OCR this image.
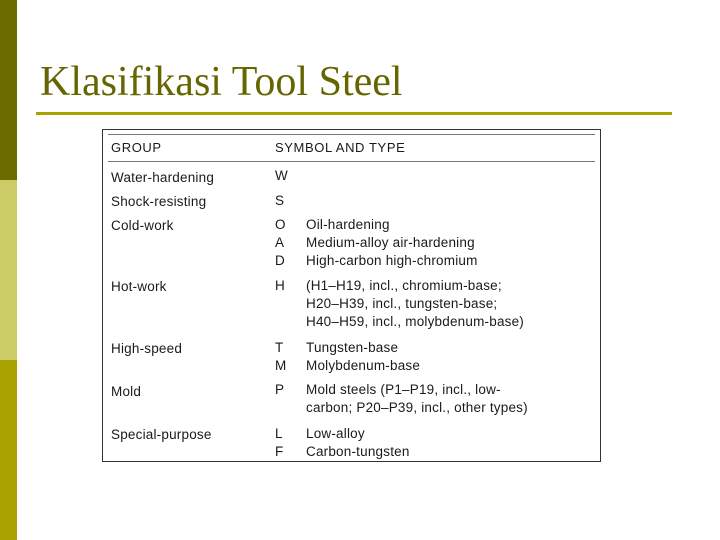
Klasifikasi Tool Steel
GROUP	SYMBOL AND TYPE
Water-hardening	W
Shock-resisting	S
Cold-work	O Oil-hardening
A Medium-alloy air-hardening
D High-carbon high-chromium
Hot-work	H (H1–H19, incl., chromium-base;
H20–H39, incl., tungsten-base;
H40–H59, incl., molybdenum-base)
High-speed	T Tungsten-base
M Molybdenum-base
Mold	P Mold steels (P1–P19, incl., low-
carbon; P20–P39, incl., other types)
Special-purpose	L Low-alloy
F Carbon-tungsten
